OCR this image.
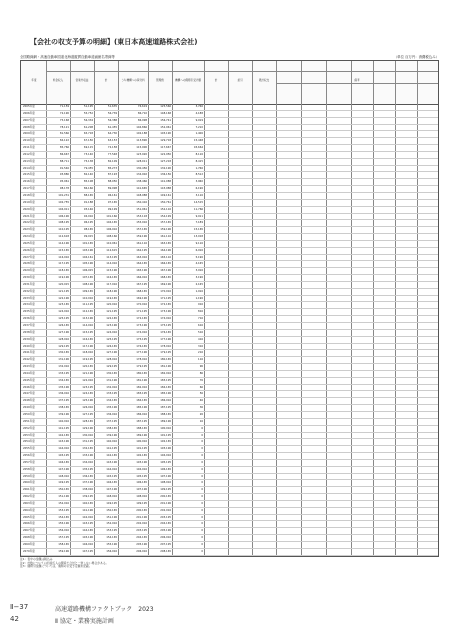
【会社の収支予算の明細】(東日本高速道路株式会社)
全国路線網・高速自動車国道北海道縦貫自動車道函館名寄線等	（単位 百万円：消費税込み）
年度	料金収入	営業外収益	計	うち機構への貸付料	管理費	機構への債務引受け額	計	差引	累計収支	備考
2005年度	71,159	51,195	51,635	76,619	125,566	3,766
2006年度	72,190	55,752	56,739	86,710	148,168	4,188
2007年度	75,168	56,334	56,388	86,998	156,741	9,919
2008年度	78,121	61,208	61,455	104,866	152,961	7,210
2009年度	81,566	65,718	64,730	102,188	103,190	1,406
2010年度	84,122	67,150	63,153	113,890	129,718	15,448
2011年度	85,766	69,115	72,158	115,900	117,667	45,664
2012年度	86,667	73,140	77,548	123,920	122,950	8,116
2013年度	88,711	75,138	82,109	128,011	127,218	8,415
2014年度	91,546	79,455	85,273	130,456	132,190	1,766
2015年度	93,880	82,140	87,193	134,902	136,156	8,512
2016年度	95,961	85,108	88,050	138,466	141,088	3,960
2017年度	98,178	86,166	89,998	141,665	143,988	6,196
2018年度	101,231	88,165	96,161	148,988	149,161	3,116
2019年度	102,755	91,188	97,165	150,416	150,761	14,515
2020年度	104,911	93,146	99,199	151,961	152,116	11,766
2021年度	106,196	94,916	101,166	153,118	154,199	9,911
2022年度	108,195	96,195	104,165	155,916	157,165	7,189
2023年度	110,195	98,165	106,916	157,165	159,196	15,165
2024年度	112,618	99,915	108,166	159,196	161,116	13,918
2025年度	114,196	101,165	110,961	161,116	163,165	9,116
2026年度	115,165	103,196	112,615	162,195	164,196	6,916
2027年度	116,916	104,161	113,195	163,916	165,116	5,196
2028年度	117,195	105,196	114,916	164,165	166,165	4,165
2029年度	118,165	106,915	115,196	165,196	167,196	3,916
2030年度	119,196	107,165	116,165	166,916	168,165	3,196
2031年度	120,915	108,196	117,916	167,195	169,196	2,165
2032年度	121,195	109,165	118,196	168,165	170,916	1,916
2033年度	122,196	110,916	119,165	169,196	171,195	1,196
2034年度	123,165	111,195	120,916	170,916	172,165	916
2035年度	124,916	112,165	121,195	171,195	173,196	816
2036年度	125,195	113,196	122,165	172,165	174,916	716
2037年度	126,165	114,916	123,196	173,196	175,195	616
2038年度	127,196	115,195	124,916	174,916	176,165	516
2039年度	128,916	116,165	125,195	175,195	177,196	416
2040年度	129,195	117,196	126,165	176,165	178,916	316
2041年度	130,165	118,916	127,196	177,196	179,195	216
2042年度	131,196	119,195	128,916	178,916	180,165	116
2043年度	132,916	120,165	129,195	179,195	181,196	96
2044年度	133,195	121,196	130,165	180,165	182,916	86
2045年度	134,165	122,916	131,196	181,196	183,195	76
2046年度	135,196	123,195	132,916	182,916	184,165	66
2047年度	136,916	124,165	133,195	183,195	185,196	56
2048年度	137,195	125,196	134,165	184,165	186,916	46
2049年度	138,165	126,916	135,196	185,196	187,195	36
2050年度	139,196	127,195	136,916	186,916	188,165	26
2051年度	140,916	128,165	137,195	187,195	189,196	16
2052年度	141,195	129,196	138,165	188,165	190,916	6
2053年度	142,165	130,916	139,196	189,196	191,195	0
2054年度	143,196	131,195	140,916	190,916	192,165	0
2055年度	144,916	132,165	141,195	191,195	193,196	0
2056年度	145,195	133,196	142,165	192,165	194,916	0
2057年度	146,165	134,916	143,196	193,196	195,195	0
2058年度	147,196	135,195	144,916	194,916	196,165	0
2059年度	148,916	136,165	145,195	195,195	197,196	0
2060年度	149,195	137,196	146,165	196,165	198,916	0
2061年度	150,165	138,916	147,196	197,196	199,195	0
2062年度	151,196	139,195	148,916	198,916	200,165	0
2063年度	152,916	140,165	149,195	199,195	201,196	0
2064年度	153,195	141,196	150,165	200,165	202,916	0
2065年度	154,165	142,916	151,196	201,196	203,195	0
2066年度	155,196	143,195	152,916	202,916	204,165	0
2067年度	156,916	144,165	153,195	203,195	205,196	0
2068年度	157,195	145,196	154,165	204,165	206,916	0
2069年度	158,165	146,916	155,196	205,196	207,195	0
2070年度	159,196	147,195	156,916	206,916	208,165	0
注1：表中の金額は税込み
注2：計数については四捨五入の関係で合計と一致しない場合がある。
注3：債務引受額については、債務の引受予定額を記載。
Ⅱ−37
42
高速道路機構ファクトブック　2023
Ⅱ 協定・業務実施計画
